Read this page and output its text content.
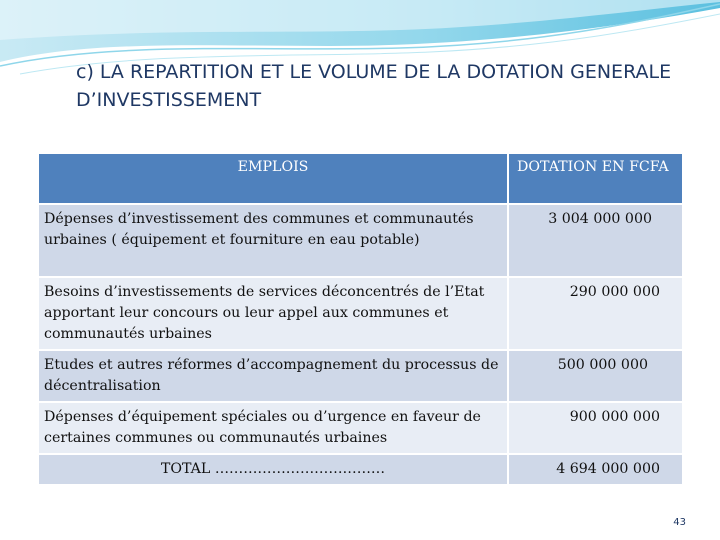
c) LA REPARTITION ET LE VOLUME DE LA DOTATION GENERALE D’INVESTISSEMENT
EMPLOIS	DOTATION EN FCFA
Dépenses d’investissement des communes et communautés urbaines ( équipement et fourniture en eau potable)	3 004 000 000
Besoins d’investissements de services déconcentrés de l’Etat apportant leur concours ou leur appel aux communes et communautés urbaines	290 000 000
Etudes et autres réformes d’accompagnement du processus de décentralisation	500 000 000
Dépenses d’équipement spéciales ou d’urgence en faveur de certaines communes ou communautés urbaines	900 000 000
TOTAL ………………………………	4 694 000 000
43
